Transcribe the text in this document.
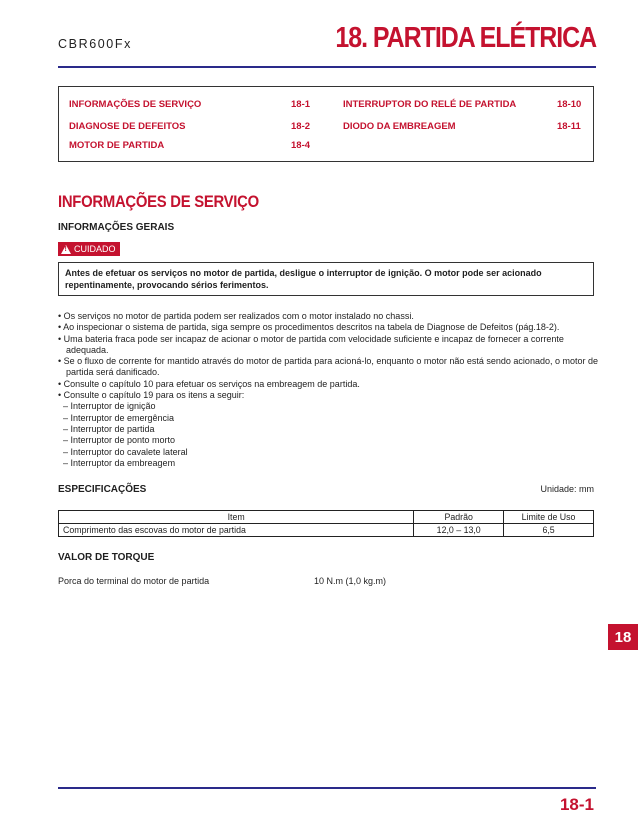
CBR600Fx	18. PARTIDA ELÉTRICA
INFORMAÇÕES DE SERVIÇO	18-1
DIAGNOSE DE DEFEITOS	18-2
MOTOR DE PARTIDA	18-4
INTERRUPTOR DO RELÉ DE PARTIDA	18-10
DIODO DA EMBREAGEM	18-11
INFORMAÇÕES DE SERVIÇO
INFORMAÇÕES GERAIS
! CUIDADO
Antes de efetuar os serviços no motor de partida, desligue o interruptor de ignição. O motor pode ser acionado repentinamente, provocando sérios ferimentos.
• Os serviços no motor de partida podem ser realizados com o motor instalado no chassi.
• Ao inspecionar o sistema de partida, siga sempre os procedimentos descritos na tabela de Diagnose de Defeitos (pág.18-2).
• Uma bateria fraca pode ser incapaz de acionar o motor de partida com velocidade suficiente e incapaz de fornecer a corrente adequada.
• Se o fluxo de corrente for mantido através do motor de partida para acioná-lo, enquanto o motor não está sendo acionado, o motor de partida será danificado.
• Consulte o capítulo 10 para efetuar os serviços na embreagem de partida.
• Consulte o capítulo 19 para os itens a seguir:
– Interruptor de ignição
– Interruptor de emergência
– Interruptor de partida
– Interruptor de ponto morto
– Interruptor do cavalete lateral
– Interruptor da embreagem
ESPECIFICAÇÕES	Unidade: mm
Item	Padrão	Limite de Uso
Comprimento das escovas do motor de partida	12,0 – 13,0	6,5
VALOR DE TORQUE
Porca do terminal do motor de partida	10 N.m (1,0 kg.m)
18
18-1
